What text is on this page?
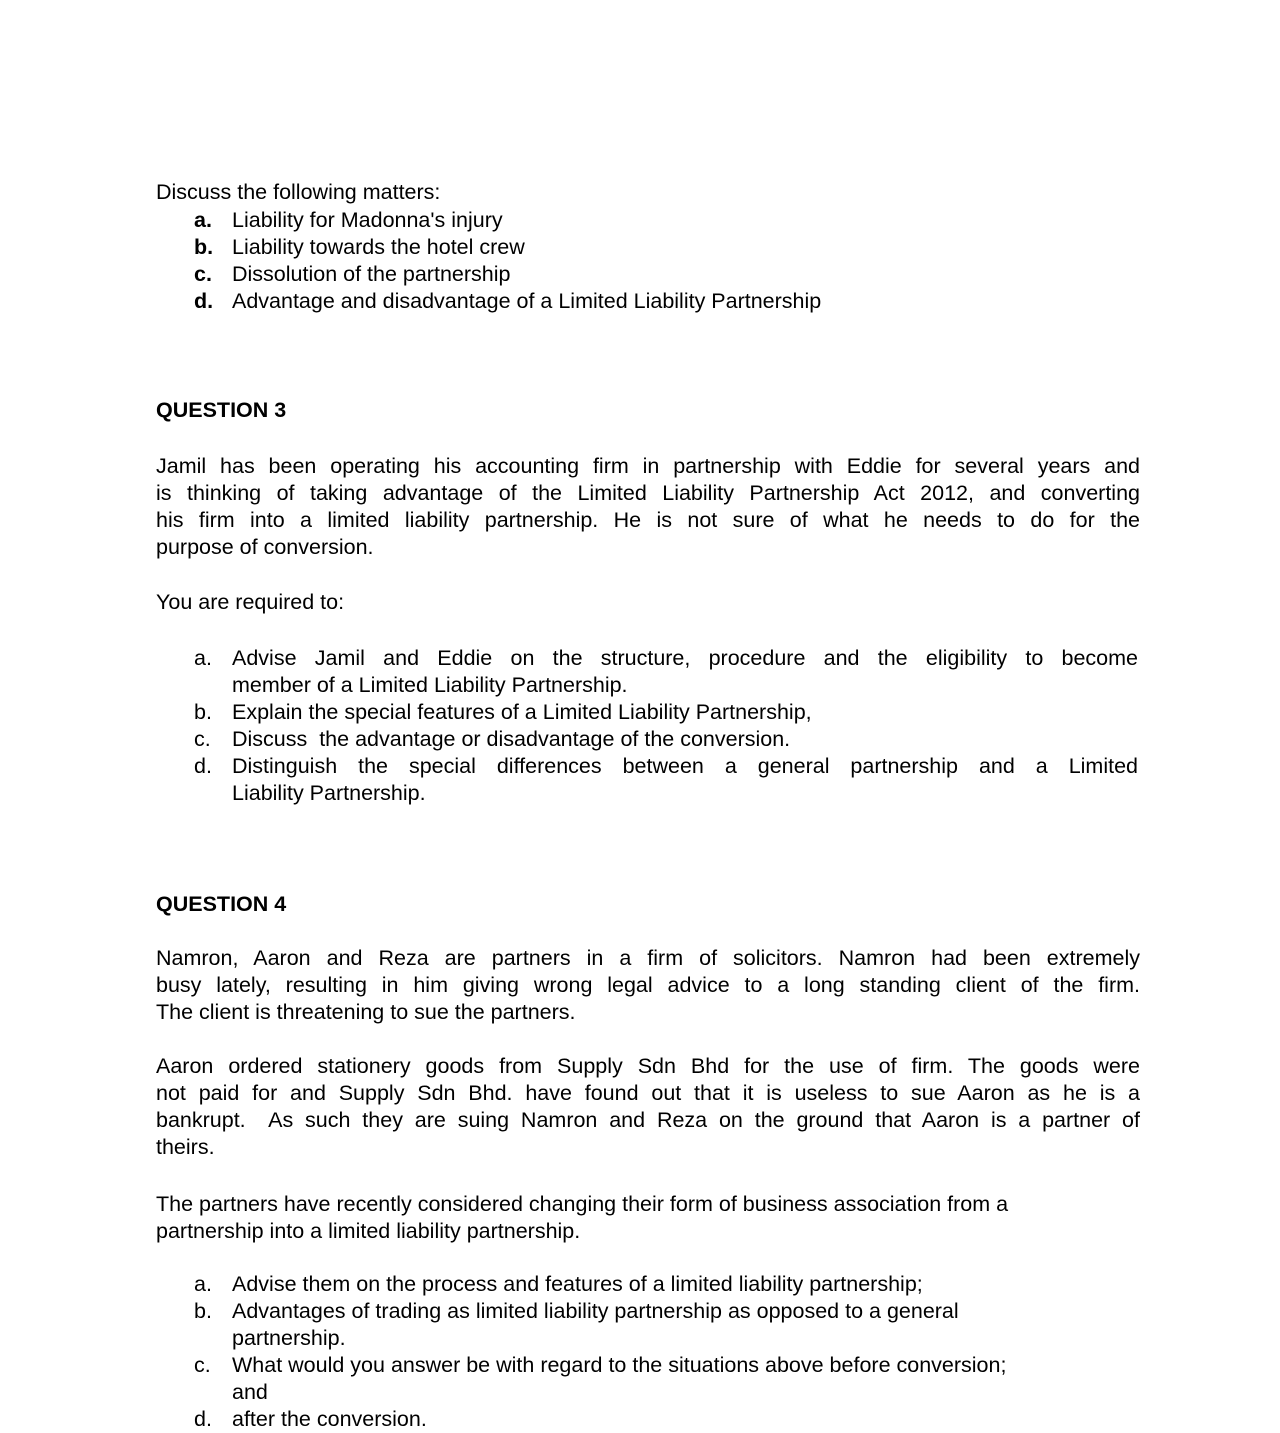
Discuss the following matters:
a. Liability for Madonna's injury
b. Liability towards the hotel crew
c. Dissolution of the partnership
d. Advantage and disadvantage of a Limited Liability Partnership
QUESTION 3
Jamil has been operating his accounting firm in partnership with Eddie for several years and
is thinking of taking advantage of the Limited Liability Partnership Act 2012, and converting
his firm into a limited liability partnership. He is not sure of what he needs to do for the
purpose of conversion.
You are required to:
a. Advise Jamil and Eddie on the structure, procedure and the eligibility to become
member of a Limited Liability Partnership.
b. Explain the special features of a Limited Liability Partnership,
c. Discuss  the advantage or disadvantage of the conversion.
d. Distinguish the special differences between a general partnership and a Limited
Liability Partnership.
QUESTION 4
Namron, Aaron and Reza are partners in a firm of solicitors. Namron had been extremely
busy lately, resulting in him giving wrong legal advice to a long standing client of the firm.
The client is threatening to sue the partners.
Aaron ordered stationery goods from Supply Sdn Bhd for the use of firm. The goods were
not paid for and Supply Sdn Bhd. have found out that it is useless to sue Aaron as he is a
bankrupt.  As such they are suing Namron and Reza on the ground that Aaron is a partner of
theirs.
The partners have recently considered changing their form of business association from a
partnership into a limited liability partnership.
a. Advise them on the process and features of a limited liability partnership;
b. Advantages of trading as limited liability partnership as opposed to a general
partnership.
c. What would you answer be with regard to the situations above before conversion;
and
d. after the conversion.
